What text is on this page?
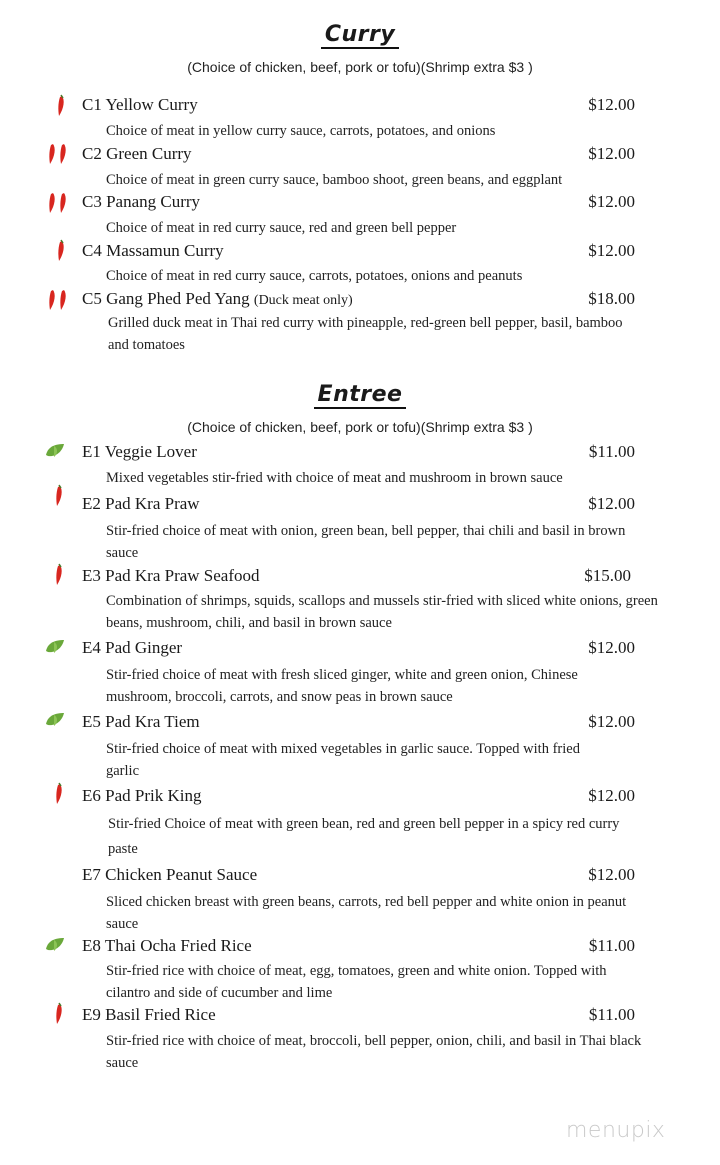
Curry
(Choice of chicken, beef, pork or tofu)(Shrimp extra $3 )
C1 Yellow Curry	$12.00
Choice of meat in yellow curry sauce, carrots, potatoes, and onions
C2 Green Curry	$12.00
Choice of meat in green curry sauce, bamboo shoot, green beans, and eggplant
C3 Panang Curry	$12.00
Choice of meat in red curry sauce, red and green bell pepper
C4 Massamun Curry	$12.00
Choice of meat in red curry sauce, carrots, potatoes, onions and peanuts
C5 Gang Phed Ped Yang (Duck meat only)	$18.00
Grilled duck meat in Thai red curry with pineapple, red-green bell pepper, basil, bamboo and tomatoes
Entree
(Choice of chicken, beef, pork or tofu)(Shrimp extra $3 )
E1 Veggie Lover	$11.00
Mixed vegetables stir-fried with choice of meat and mushroom in brown sauce
E2 Pad Kra Praw	$12.00
Stir-fried choice of meat with onion, green bean, bell pepper, thai chili and basil in brown sauce
E3 Pad Kra Praw Seafood	$15.00
Combination of shrimps, squids, scallops and mussels stir-fried with sliced white onions, green beans, mushroom, chili, and basil in brown sauce
E4 Pad Ginger	$12.00
Stir-fried choice of meat with fresh sliced ginger, white and green onion, Chinese mushroom, broccoli, carrots, and snow peas in brown sauce
E5 Pad Kra Tiem	$12.00
Stir-fried choice of meat with mixed vegetables in garlic sauce. Topped with fried garlic
E6 Pad Prik King	$12.00
Stir-fried Choice of meat with green bean, red and green bell pepper in a spicy red curry paste
E7 Chicken Peanut Sauce	$12.00
Sliced chicken breast with green beans, carrots, red bell pepper and white onion in peanut sauce
E8 Thai Ocha Fried Rice	$11.00
Stir-fried rice with choice of meat, egg, tomatoes, green and white onion. Topped with cilantro and side of cucumber and lime
E9 Basil Fried Rice	$11.00
Stir-fried rice with choice of meat, broccoli, bell pepper, onion, chili, and basil in Thai black sauce
menupix
